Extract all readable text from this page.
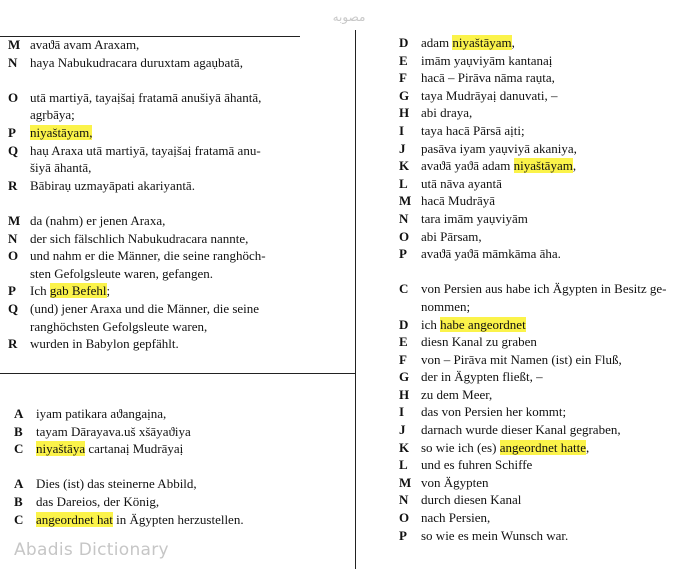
مصوبه
M avaϑā avam Araxam,
N haya Nabukudracara duruxtam agaụbatā,
O utā martiyā, tayaịšaị fratamā anušiyā āhantā,
agṛbāya;
P niyaštāyam,
Q haụ Araxa utā martiyā, tayaịšaị fratamā anu-
šiyā āhantā,
R Bābiraụ uzmayāpati akariyantā.
M da (nahm) er jenen Araxa,
N der sich fälschlich Nabukudracara nannte,
O und nahm er die Männer, die seine ranghöch-
sten Gefolgsleute waren, gefangen.
P Ich gab Befehl;
Q (und) jener Araxa und die Männer, die seine
ranghöchsten Gefolgsleute waren,
R wurden in Babylon gepfählt.
A iyam patikara aϑangaịna,
B tayam Dārayava.uš xšāyaϑiya
C niyaštāya cartanaị Mudrāyaị
A Dies (ist) das steinerne Abbild,
B das Dareios, der König,
C angeordnet hat in Ägypten herzustellen.
D adam niyaštāyam,
E imām yaụviyām kantanaị
F hacā – Pirāva nāma raụta,
G taya Mudrāyaị danuvati, –
H abi draya,
I taya hacā Pārsā aịti;
J pasāva iyam yaụviyā akaniya,
K avaϑā yaϑā adam niyaštāyam,
L utā nāva ayantā
M hacā Mudrāyā
N tara imām yaụviyām
O abi Pārsam,
P avaϑā yaϑā māmkāma āha.
C von Persien aus habe ich Ägypten in Besitz ge-
nommen;
D ich habe angeordnet
E diesn Kanal zu graben
F von – Pirāva mit Namen (ist) ein Fluß,
G der in Ägypten fließt, –
H zu dem Meer,
I das von Persien her kommt;
J darnach wurde dieser Kanal gegraben,
K so wie ich (es) angeordnet hatte,
L und es fuhren Schiffe
M von Ägypten
N durch diesen Kanal
O nach Persien,
P so wie es mein Wunsch war.
Abadis Dictionary
